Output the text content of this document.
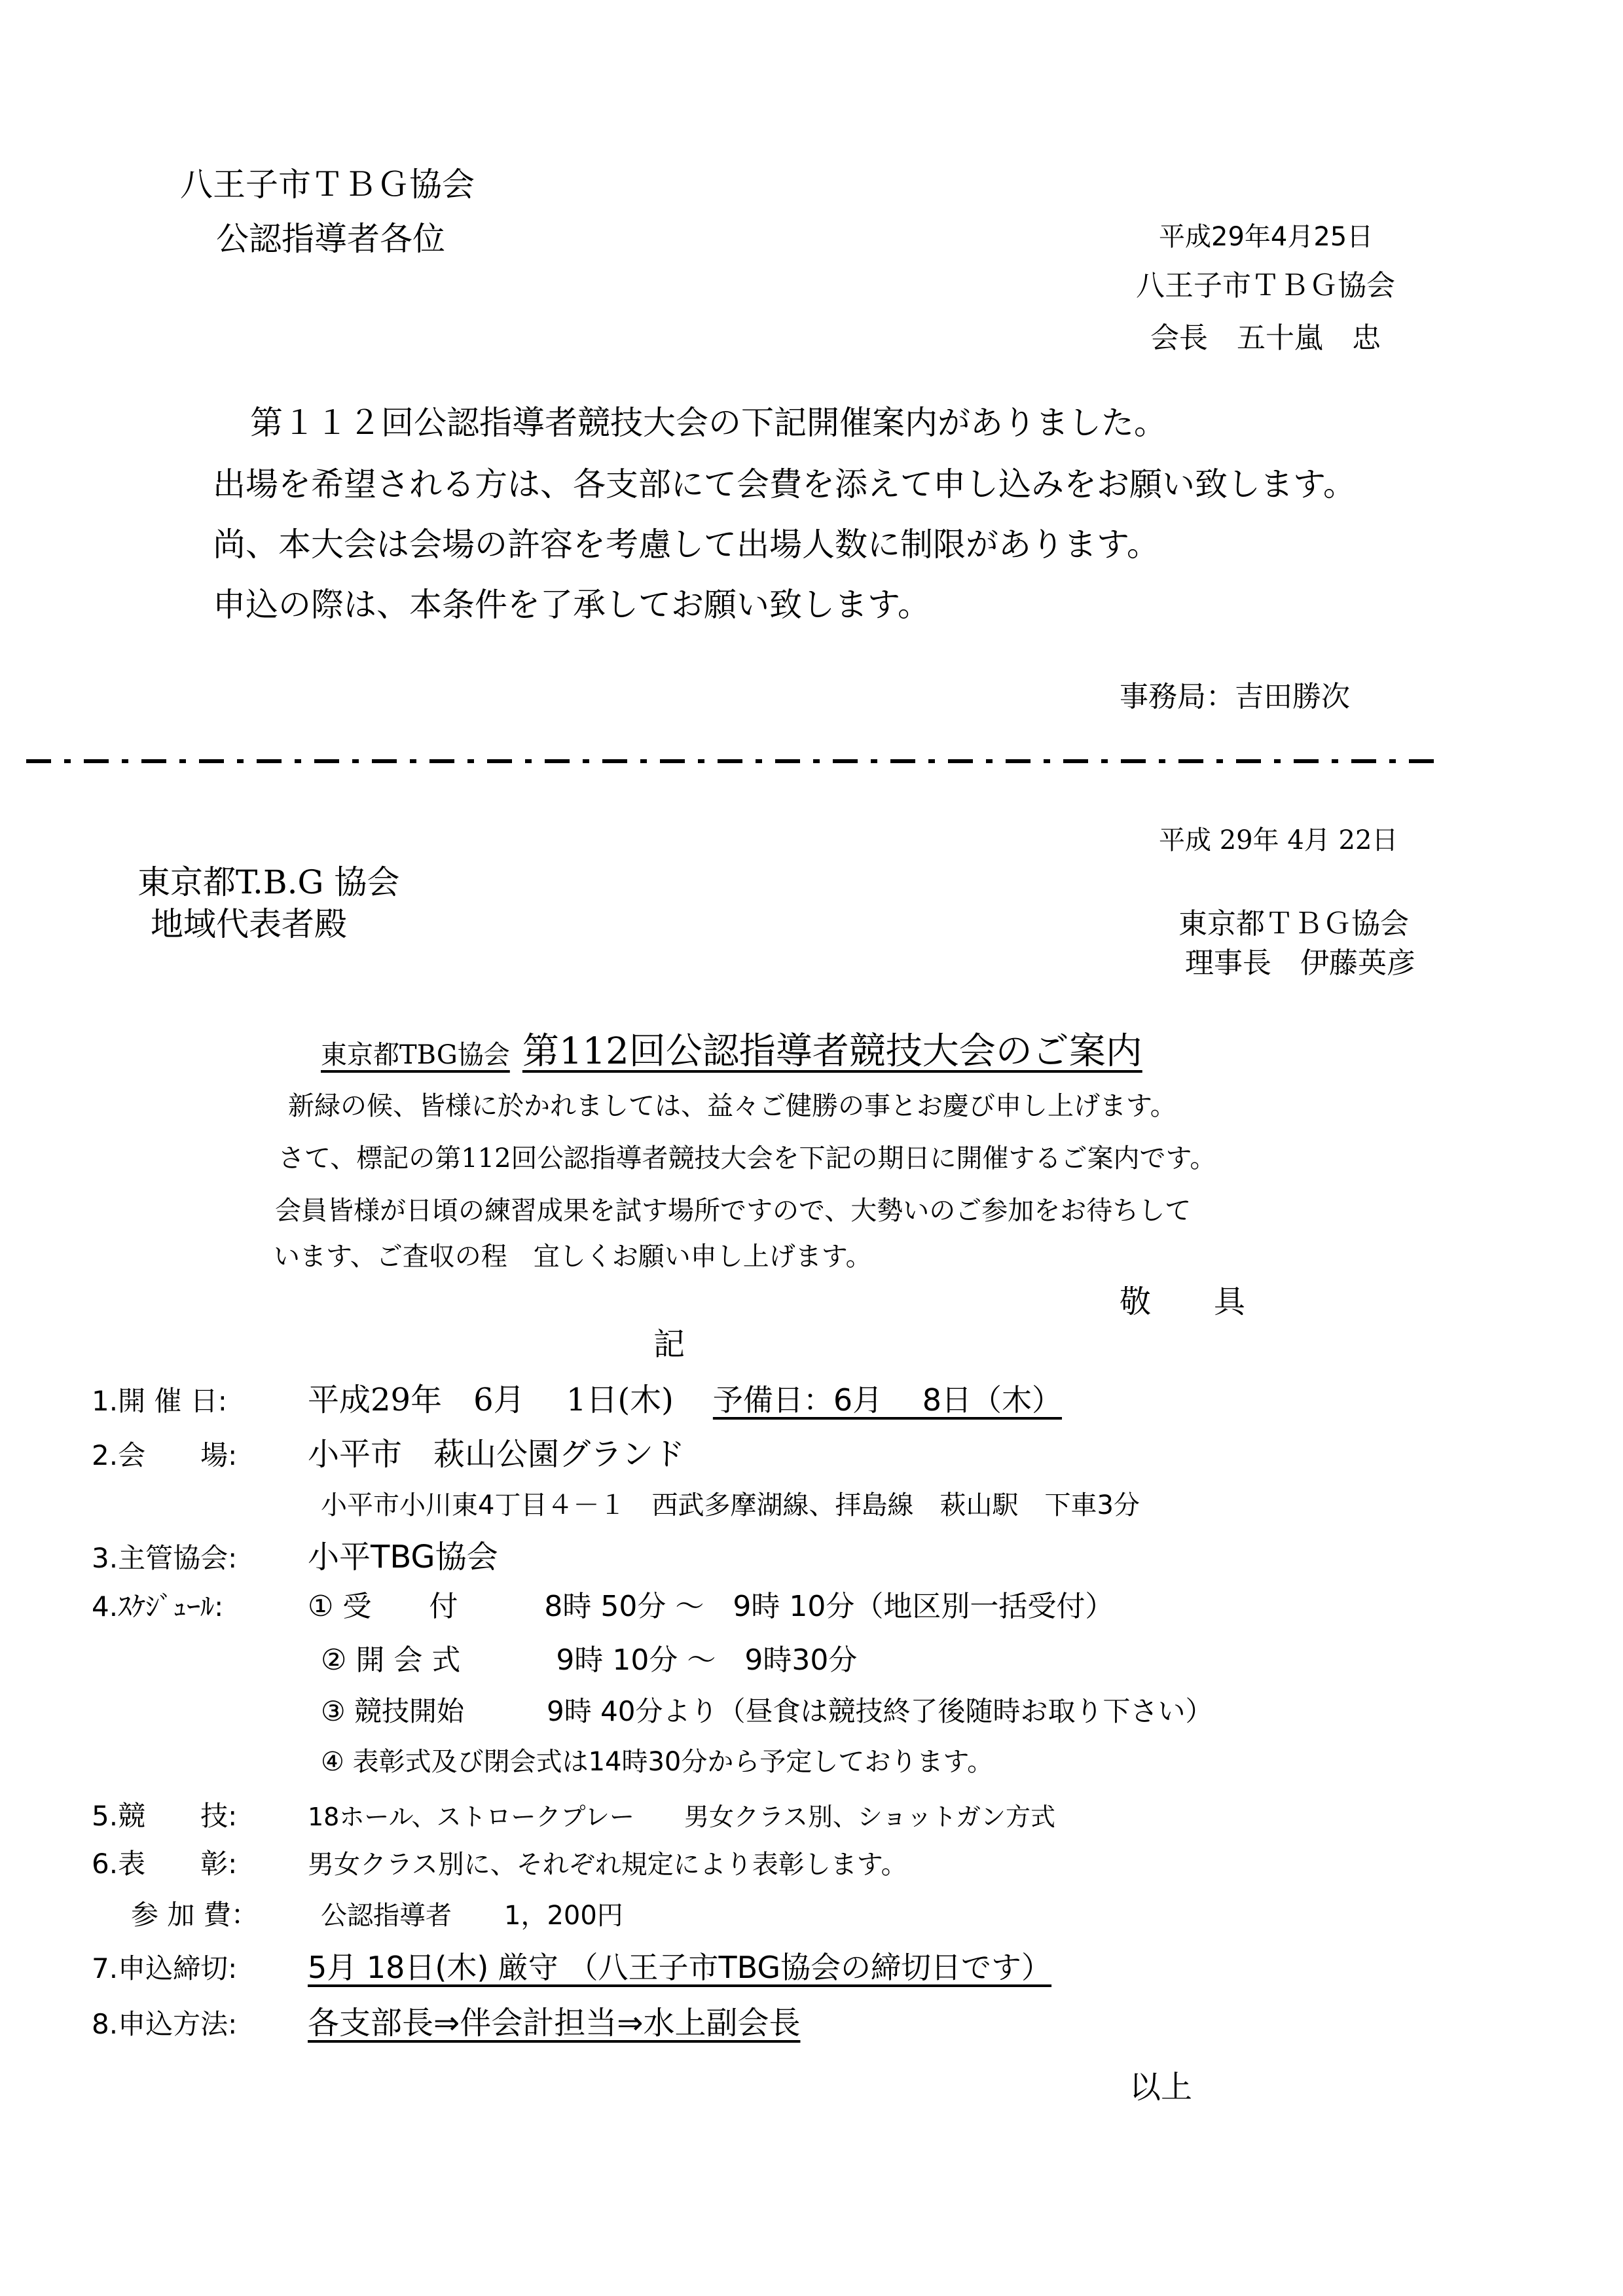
八王子市ＴＢＧ協会
公認指導者各位	平成29年4月25日
八王子市ＴＢＧ協会
会長　五十嵐　忠
第１１２回公認指導者競技大会の下記開催案内がありました。
出場を希望される方は、各支部にて会費を添えて申し込みをお願い致します。
尚、本大会は会場の許容を考慮して出場人数に制限があります。
申込の際は、本条件を了承してお願い致します。
事務局：吉田勝次
平成 29年 4月 22日
東京都T.B.G 協会
地域代表者殿	東京都ＴＢＧ協会
理事長　伊藤英彦
東京都TBG協会 第112回公認指導者競技大会のご案内
新緑の候、皆様に於かれましては、益々ご健勝の事とお慶び申し上げます。
さて、標記の第112回公認指導者競技大会を下記の期日に開催するご案内です。
会員皆様が日頃の練習成果を試す場所ですので、大勢いのご参加をお待ちして
います、ご査収の程　宜しくお願い申し上げます。
敬　　具
記
1.開 催 日:	平成29年　6月　 1日(木) 予備日：6月　 8日（木）
2.会　　場: 小平市　萩山公園グランド
小平市小川東4丁目４－１　西武多摩湖線、拝島線　萩山駅　下車3分
3.主管協会: 小平TBG協会
4.ｽｹｼﾞｭｰﾙ:	① 受　　付　　　8時 50分 ～　9時 10分（地区別一括受付）
② 開 会 式　　　 9時 10分 ～　9時30分
③ 競技開始　　　9時 40分より（昼食は競技終了後随時お取り下さい）
④ 表彰式及び閉会式は14時30分から予定しております。
5.競　　技:	18ホール、ストロークプレー　　男女クラス別、ショットガン方式
6.表　　彰:	男女クラス別に、それぞれ規定により表彰します。
参 加 費： 公認指導者　　1，200円
7.申込締切: 5月 18日(木) 厳守 （八王子市TBG協会の締切日です）
8.申込方法: 各支部長⇒伴会計担当⇒水上副会長
以上
